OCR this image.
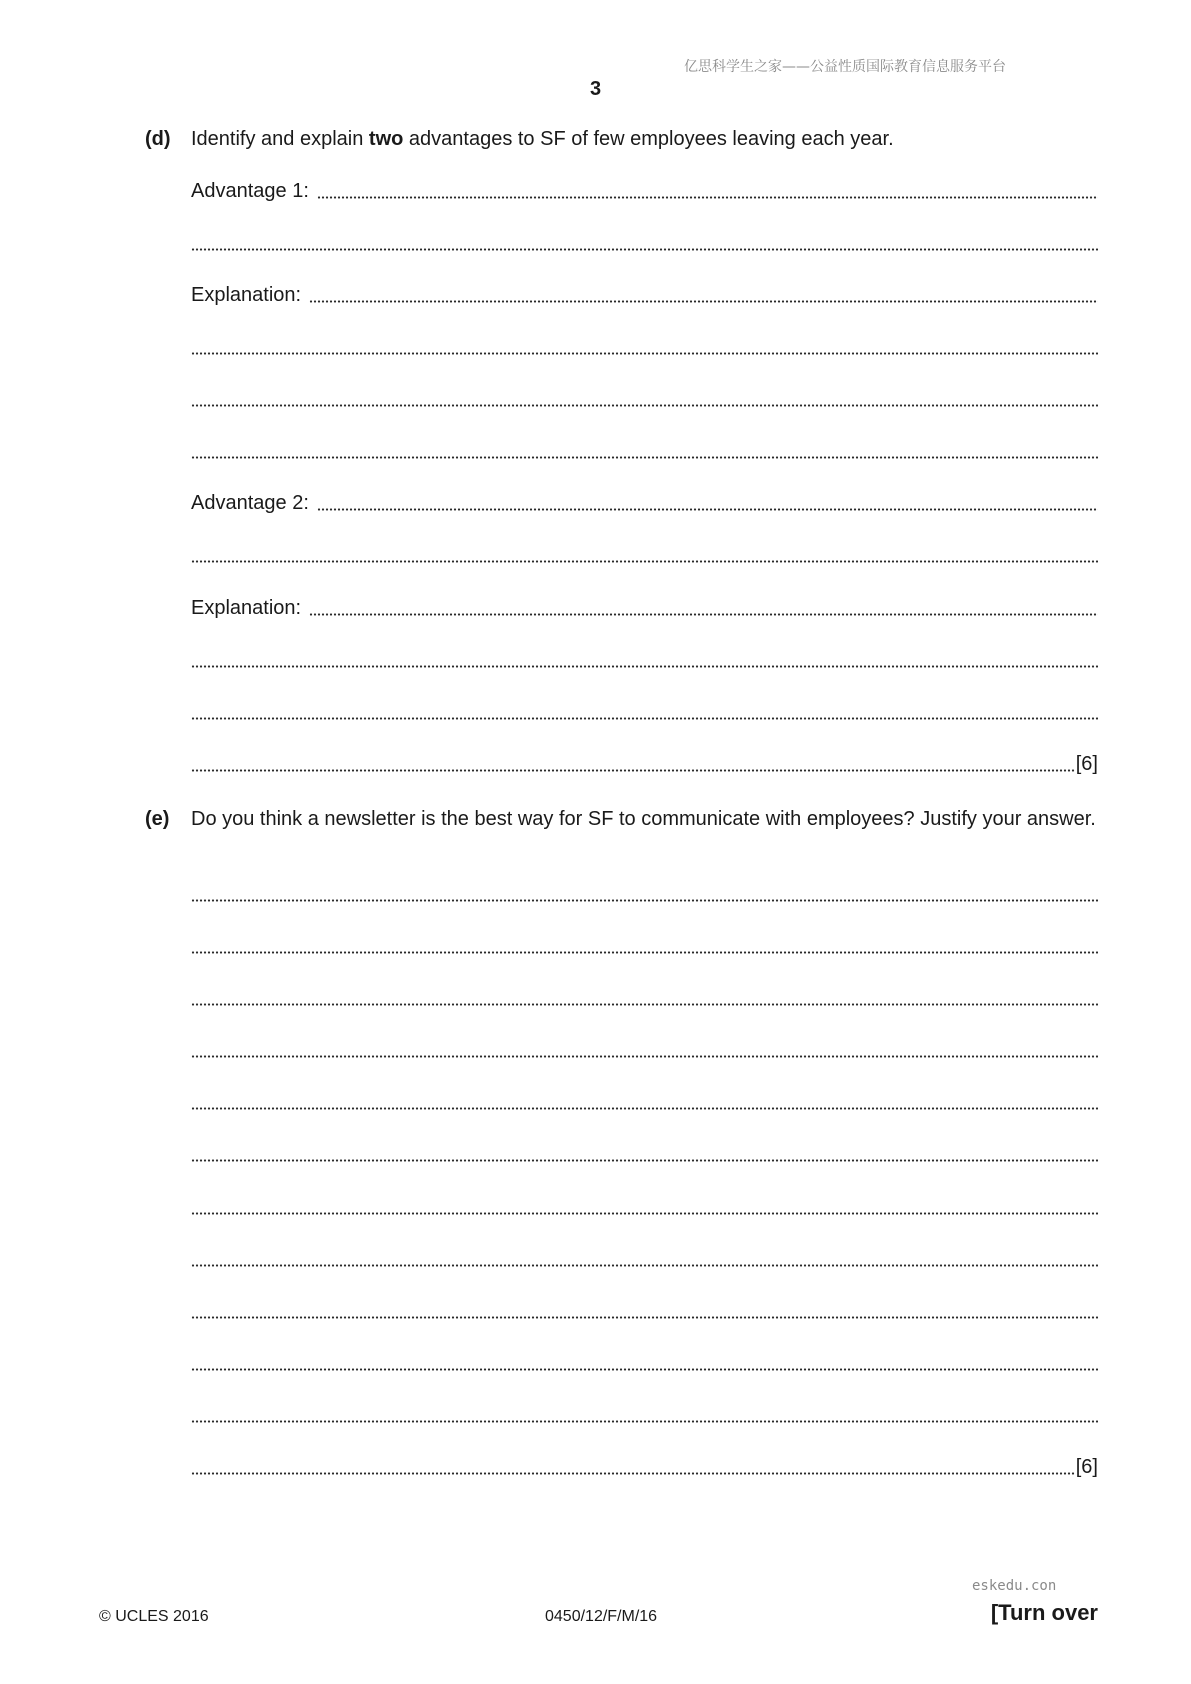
亿思科学生之家——公益性质国际教育信息服务平台
3
(d) Identify and explain two advantages to SF of few employees leaving each year.
Advantage 1:
Explanation:
Advantage 2:
Explanation:
[6]
(e) Do you think a newsletter is the best way for SF to communicate with employees? Justify your answer.
[6]
eskedu.con
© UCLES 2016	0450/12/F/M/16	[Turn over
